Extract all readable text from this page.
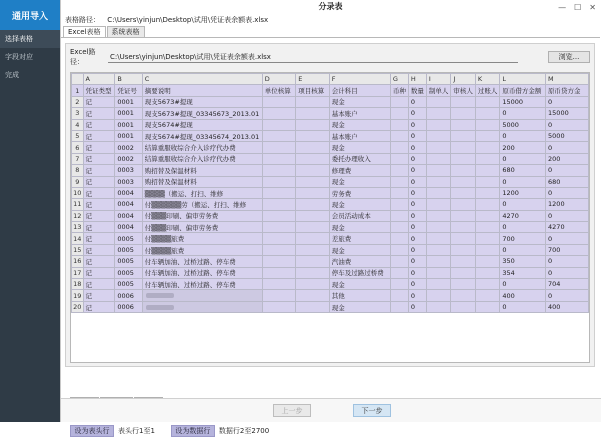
通用导入
选择表格
字段对应
完成
分录表	— ☐ ✕
表格路径： C:\Users\yinjun\Desktop\试用\凭证表余额表.xlsx
Excel表格	系统表格
Excel路径：
C:\Users\yinjun\Desktop\试用\凭证表余额表.xlsx	浏览...
	A	B	C	D	E	F	G	H	I	J	K	L	M
1	凭证类型	凭证号	摘要说明	单位核算	项目核算	会计科目	币种	数量	制单人	审核人	过账人	原币借方金额	原币贷方金
2	记	0001	现支5673#提现			现金		0				15000	0
3	记	0001	现支5673#提现_03345673_2013.01			基本账户		0				0	15000
4	记	0001	现支5674#提现			现金		0				5000	0
5	记	0001	现支5674#提现_03345674_2013.01			基本账户		0				0	5000
6	记	0002	结算重服收综合介入诊疗代办费			现金		0				200	0
7	记	0002	结算重服收综合介入诊疗代办费			委托办理收入		0				0	200
8	记	0003	购招替及保温材料			修理费		0				680	0
9	记	0003	购招替及保温材料			现金		0				0	680
10	记	0004	▒▒▒▒（搬运、打扫、维修			劳务费		0				1200	0
11	记	0004	付▒▒▒▒▒▒劳（搬运、打扫、维修			现金		0				0	1200
12	记	0004	付▒▒▒印刷、偏审劳务费			会员活动成本		0				4270	0
13	记	0004	付▒▒▒印刷、偏审劳务费			现金		0				0	4270
14	记	0005	付▒▒▒▒旅费			差旅费		0				700	0
15	记	0005	付▒▒▒▒旅费			现金		0				0	700
16	记	0005	付车辆加油、过桥过路、停车费			汽油费		0				350	0
17	记	0005	付车辆加油、过桥过路、停车费			停车及过路过桥费		0				354	0
18	记	0005	付车辆加油、过桥过路、停车费			现金		0				0	704
19	记	0006				其他		0				400	0
20	记	0006				现金		0				0	400
设为表头行	表头行1至1	设为数据行	数据行2至2700
上一步	下一步
